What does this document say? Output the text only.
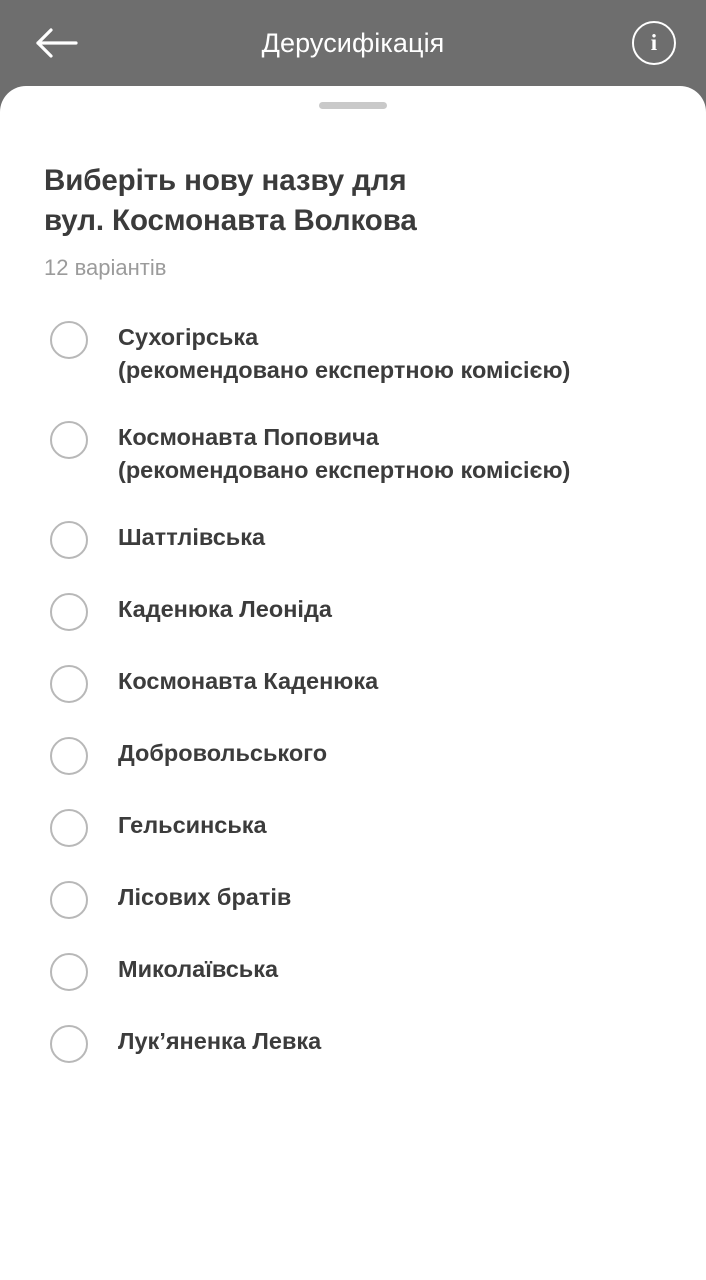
Дерусифікація	i
Виберіть нову назву для
вул. Космонавта Волкова
12 варіантів
Сухогірська
(рекомендовано експертною комісією)
Космонавта Поповича
(рекомендовано експертною комісією)
Шаттлівська
Каденюка Леоніда
Космонавта Каденюка
Добровольського
Гельсинська
Лісових братів
Миколаївська
Лук’яненка Левка
